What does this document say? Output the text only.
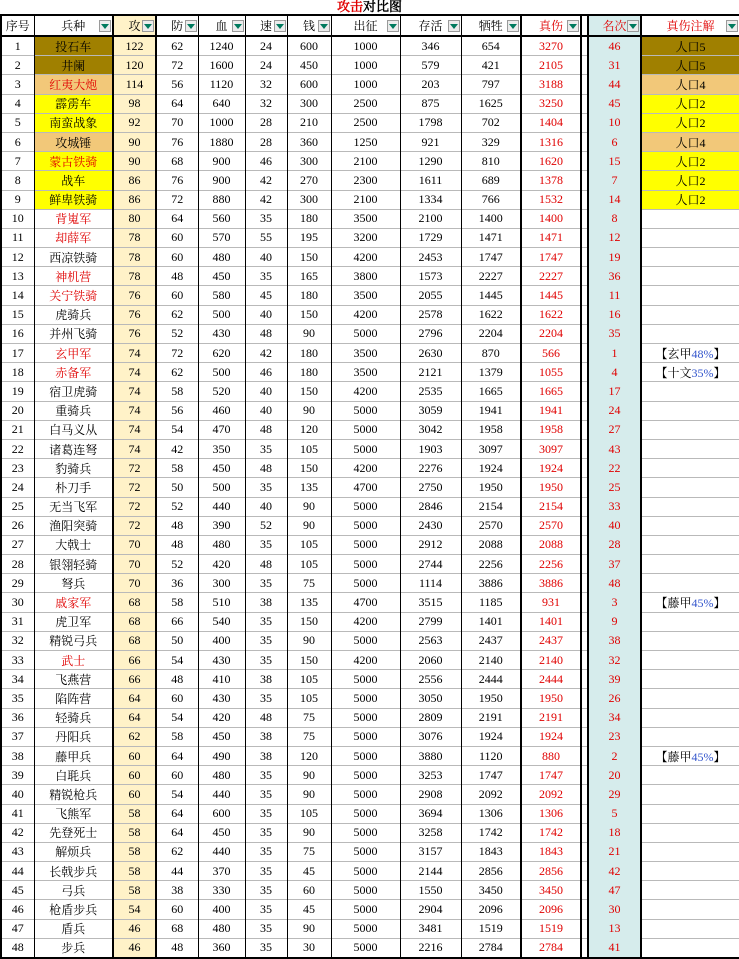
攻击对比图
序号	兵种	攻	防	血	速	钱	出征	存活	牺牲	真伤		名次	真伤注解

1	投石车	122	62	1240	24	600	1000	346	654	3270		46	人口5
2	井阑	120	72	1600	24	450	1000	579	421	2105		31	人口5
3	红夷大炮	114	56	1120	32	600	1000	203	797	3188		44	人口4
4	霹雳车	98	64	640	32	300	2500	875	1625	3250		45	人口2
5	南蛮战象	92	70	1000	28	210	2500	1798	702	1404		10	人口2
6	攻城锤	90	76	1880	28	360	1250	921	329	1316		6	人口4
7	蒙古铁骑	90	68	900	46	300	2100	1290	810	1620		15	人口2
8	战车	86	76	900	42	270	2300	1611	689	1378		7	人口2
9	鲜卑铁骑	86	72	880	42	300	2100	1334	766	1532		14	人口2
10	背嵬军	80	64	560	35	180	3500	2100	1400	1400		8	
11	却薛军	78	60	570	55	195	3200	1729	1471	1471		12	
12	西凉铁骑	78	60	480	40	150	4200	2453	1747	1747		19	
13	神机营	78	48	450	35	165	3800	1573	2227	2227		36	
14	关宁铁骑	76	60	580	45	180	3500	2055	1445	1445		11	
15	虎骑兵	76	62	500	40	150	4200	2578	1622	1622		16	
16	并州飞骑	76	52	430	48	90	5000	2796	2204	2204		35	
17	玄甲军	74	72	620	42	180	3500	2630	870	566		1	【玄甲48%】
18	赤备军	74	62	500	46	180	3500	2121	1379	1055		4	【十文35%】
19	宿卫虎骑	74	58	520	40	150	4200	2535	1665	1665		17	
20	重骑兵	74	56	460	40	90	5000	3059	1941	1941		24	
21	白马义从	74	54	470	48	120	5000	3042	1958	1958		27	
22	诸葛连弩	74	42	350	35	105	5000	1903	3097	3097		43	
23	豹骑兵	72	58	450	48	150	4200	2276	1924	1924		22	
24	朴刀手	72	50	500	35	135	4700	2750	1950	1950		25	
25	无当飞军	72	52	440	40	90	5000	2846	2154	2154		33	
26	渔阳突骑	72	48	390	52	90	5000	2430	2570	2570		40	
27	大戟士	70	48	480	35	105	5000	2912	2088	2088		28	
28	银翎轻骑	70	52	420	48	105	5000	2744	2256	2256		37	
29	弩兵	70	36	300	35	75	5000	1114	3886	3886		48	
30	戚家军	68	58	510	38	135	4700	3515	1185	931		3	【藤甲45%】
31	虎卫军	68	66	540	35	150	4200	2799	1401	1401		9	
32	精锐弓兵	68	50	400	35	90	5000	2563	2437	2437		38	
33	武士	66	54	430	35	150	4200	2060	2140	2140		32	
34	飞燕营	66	48	410	38	105	5000	2556	2444	2444		39	
35	陷阵营	64	60	430	35	105	5000	3050	1950	1950		26	
36	轻骑兵	64	54	420	48	75	5000	2809	2191	2191		34	
37	丹阳兵	62	58	450	38	75	5000	3076	1924	1924		23	
38	藤甲兵	60	64	490	38	120	5000	3880	1120	880		2	【藤甲45%】
39	白毦兵	60	60	480	35	90	5000	3253	1747	1747		20	
40	精锐枪兵	60	54	440	35	90	5000	2908	2092	2092		29	
41	飞熊军	58	64	600	35	105	5000	3694	1306	1306		5	
42	先登死士	58	64	450	35	90	5000	3258	1742	1742		18	
43	解烦兵	58	62	440	35	75	5000	3157	1843	1843		21	
44	长戟步兵	58	44	370	35	45	5000	2144	2856	2856		42	
45	弓兵	58	38	330	35	60	5000	1550	3450	3450		47	
46	枪盾步兵	54	60	400	35	45	5000	2904	2096	2096		30	
47	盾兵	46	68	480	35	90	5000	3481	1519	1519		13	
48	步兵	46	48	360	35	30	5000	2216	2784	2784		41	
